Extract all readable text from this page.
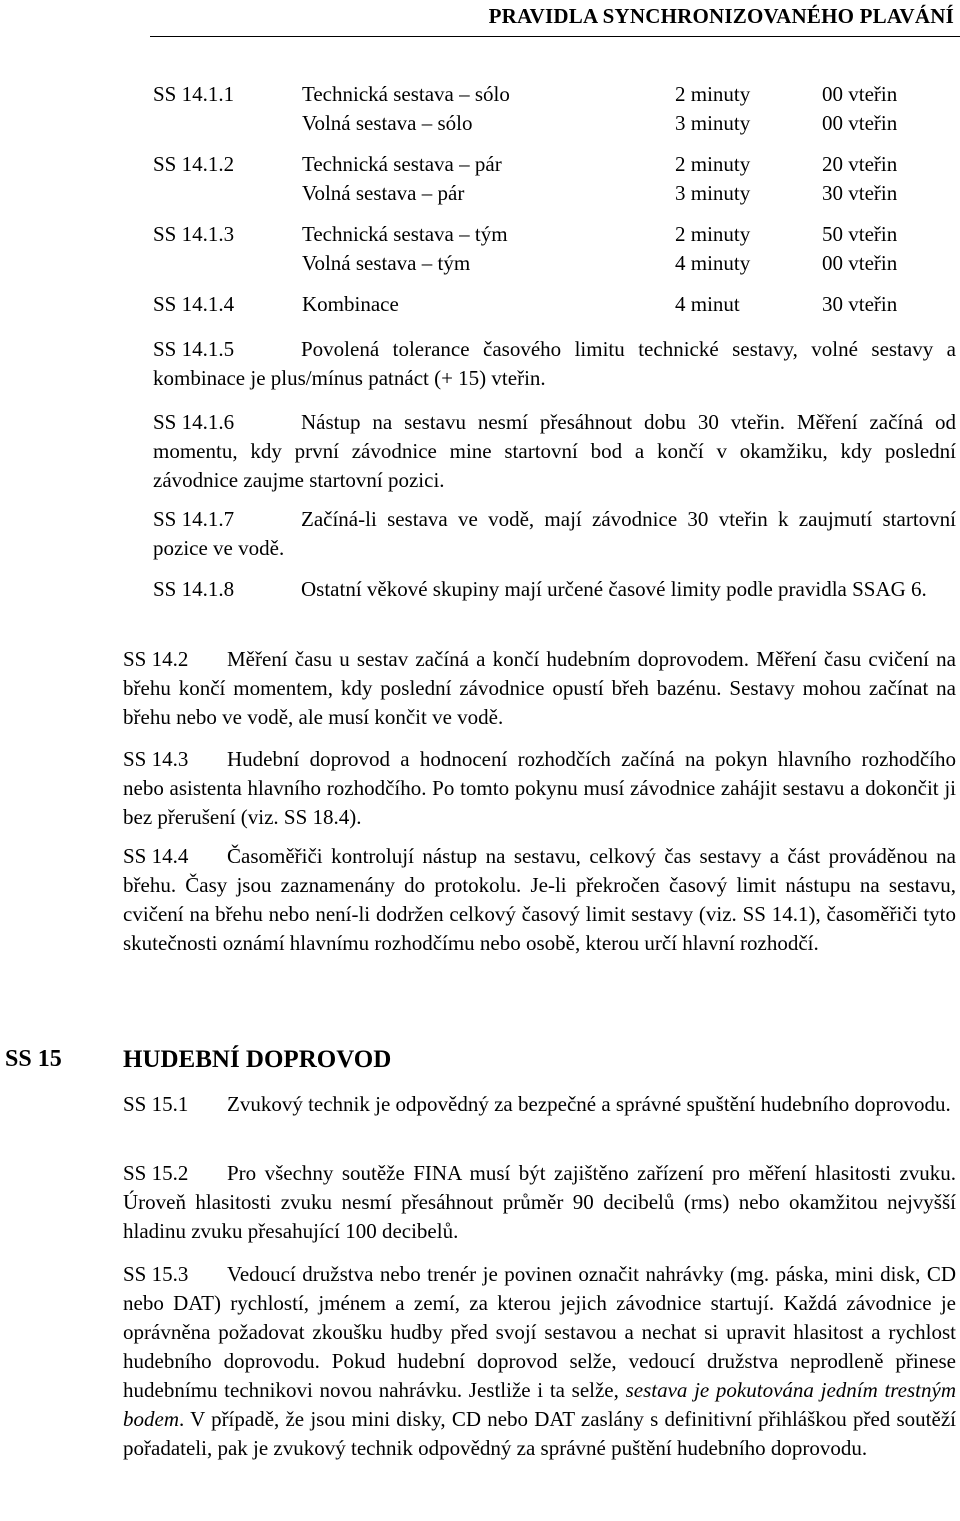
PRAVIDLA SYNCHRONIZOVANÉHO PLAVÁNÍ
SS 14.1.1	Technická sestava – sólo	2 minuty	00 vteřin
Volná sestava – sólo	3 minuty	00 vteřin
SS 14.1.2	Technická sestava – pár	2 minuty	20 vteřin
Volná sestava – pár	3 minuty	30 vteřin
SS 14.1.3	Technická sestava – tým	2 minuty	50 vteřin
Volná sestava – tým	4 minuty	00 vteřin
SS 14.1.4	Kombinace	4 minut	30 vteřin

SS 14.1.5	Povolená tolerance časového limitu technické sestavy, volné sestavy a kombinace je plus/mínus patnáct (+ 15) vteřin.

SS 14.1.6	Nástup na sestavu nesmí přesáhnout dobu 30 vteřin. Měření začíná od momentu, kdy první závodnice mine startovní bod a končí v okamžiku, kdy poslední závodnice zaujme startovní pozici.

SS 14.1.7	Začíná-li sestava ve vodě, mají závodnice 30 vteřin k zaujmutí startovní pozice ve vodě.

SS 14.1.8	Ostatní věkové skupiny mají určené časové limity podle pravidla SSAG 6.

SS 14.2 Měření času u sestav začíná a končí hudebním doprovodem. Měření času cvičení na břehu končí momentem, kdy poslední závodnice opustí břeh bazénu. Sestavy mohou začínat na břehu nebo ve vodě, ale musí končit ve vodě.

SS 14.3 Hudební doprovod a hodnocení rozhodčích začíná na pokyn hlavního rozhodčího nebo asistenta hlavního rozhodčího. Po tomto pokynu musí závodnice zahájit sestavu a dokončit ji bez přerušení (viz. SS 18.4).

SS 14.4 Časoměřiči kontrolují nástup na sestavu, celkový čas sestavy a část prováděnou na břehu. Časy jsou zaznamenány do protokolu. Je-li překročen časový limit nástupu na sestavu, cvičení na břehu nebo není-li dodržen celkový časový limit sestavy (viz. SS 14.1), časoměřiči tyto skutečnosti oznámí hlavnímu rozhodčímu nebo osobě, kterou určí hlavní rozhodčí.

SS 15 HUDEBNÍ DOPROVOD

SS 15.1 Zvukový technik je odpovědný za bezpečné a správné spuštění hudebního doprovodu.

SS 15.2 Pro všechny soutěže FINA musí být zajištěno zařízení pro měření hlasitosti zvuku. Úroveň hlasitosti zvuku nesmí přesáhnout průměr 90 decibelů (rms) nebo okamžitou nejvyšší hladinu zvuku přesahující 100 decibelů.

SS 15.3 Vedoucí družstva nebo trenér je povinen označit nahrávky (mg. páska, mini disk, CD nebo DAT) rychlostí, jménem a zemí, za kterou jejich závodnice startují. Každá závodnice je oprávněna požadovat zkoušku hudby před svojí sestavou a nechat si upravit hlasitost a rychlost hudebního doprovodu. Pokud hudební doprovod selže, vedoucí družstva neprodleně přinese hudebnímu technikovi novou nahrávku. Jestliže i ta selže, sestava je pokutována jedním trestným bodem. V případě, že jsou mini disky, CD nebo DAT zaslány s definitivní přihláškou před soutěží pořadateli, pak je zvukový technik odpovědný za správné puštění hudebního doprovodu.
